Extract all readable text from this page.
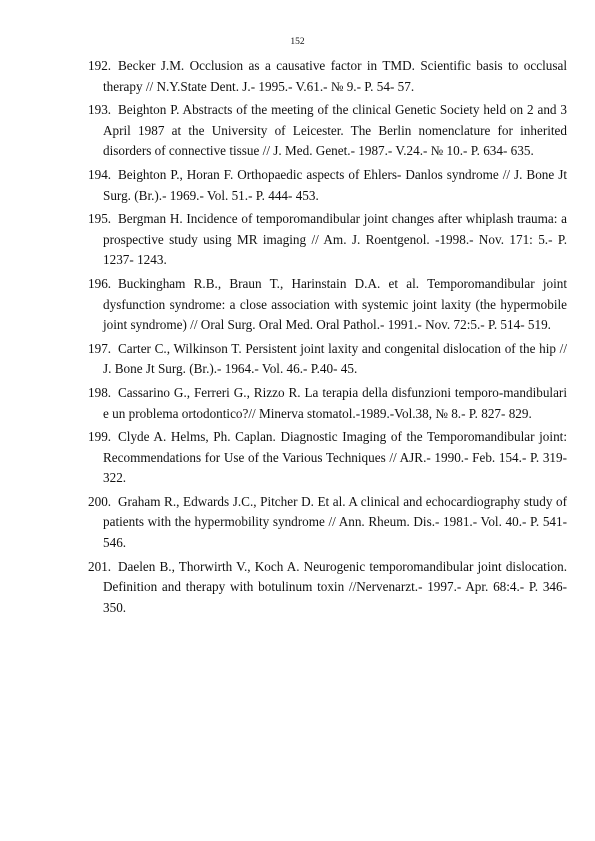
152
192. Becker J.M. Occlusion as a causative factor in TMD. Scientific basis to occlusal therapy // N.Y.State Dent. J.- 1995.- V.61.- № 9.- P. 54- 57.
193. Beighton P. Abstracts of the meeting of the clinical Genetic Society held on 2 and 3 April 1987 at the University of Leicester. The Berlin nomenclature for inherited disorders of connective tissue // J. Med. Genet.- 1987.- V.24.- № 10.- P. 634- 635.
194. Beighton P., Horan F. Orthopaedic aspects of Ehlers- Danlos syndrome // J. Bone Jt Surg. (Br.).- 1969.- Vol. 51.- P. 444- 453.
195. Bergman H. Incidence of temporomandibular joint changes after whiplash trauma: a prospective study using MR imaging // Am. J. Roentgenol. -1998.- Nov. 171: 5.- P. 1237- 1243.
196. Buckingham R.B., Braun T., Harinstain D.A. et al. Temporomandibular joint dysfunction syndrome: a close association with systemic joint laxity (the hypermobile joint syndrome) // Oral Surg. Oral Med. Oral Pathol.- 1991.- Nov. 72:5.- P. 514- 519.
197. Carter C., Wilkinson T. Persistent joint laxity and congenital dislocation of the hip // J. Bone Jt Surg. (Br.).- 1964.- Vol. 46.- P.40- 45.
198. Cassarino G., Ferreri G., Rizzo R. La terapia della disfunzioni temporo-mandibulari e un problema ortodontico?// Minerva stomatol.-1989.-Vol.38, № 8.- P. 827- 829.
199. Clyde A. Helms, Ph. Caplan. Diagnostic Imaging of the Temporomandibular joint: Recommendations for Use of the Various Techniques // AJR.- 1990.- Feb. 154.- P. 319-322.
200. Graham R., Edwards J.C., Pitcher D. Et al. A clinical and echocardiography study of patients with the hypermobility syndrome // Ann. Rheum. Dis.- 1981.- Vol. 40.- P. 541- 546.
201. Daelen B., Thorwirth V., Koch A. Neurogenic temporomandibular joint dislocation. Definition and therapy with botulinum toxin //Nervenarzt.- 1997.- Apr. 68:4.- P. 346- 350.
